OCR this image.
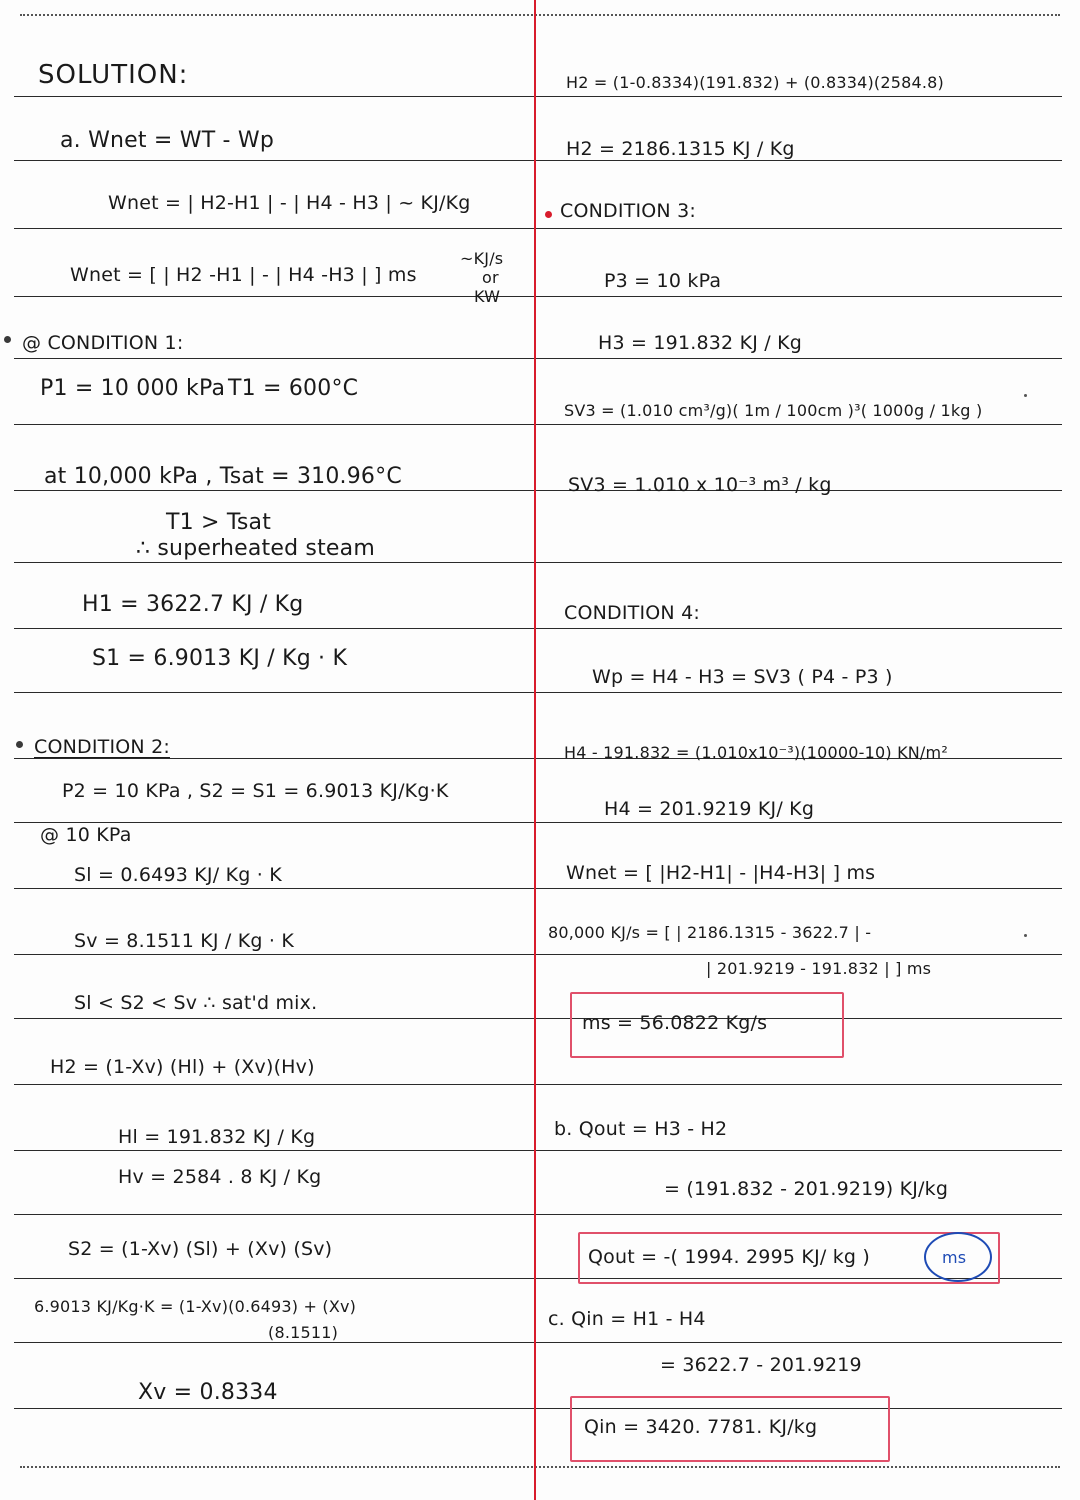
SOLUTION:
a. Wnet = WT - Wp
Wnet = | H2-H1 | - | H4 - H3 | ~ KJ/Kg
Wnet = [ | H2 -H1 | - | H4 -H3 | ] ms
~KJ/s
or
KW
@ CONDITION 1:
P1 = 10 000 kPa T1 = 600°C
at 10,000 kPa , Tsat = 310.96°C
T1 > Tsat
∴ superheated steam
H1 = 3622.7 KJ / Kg
S1 = 6.9013 KJ / Kg · K
CONDITION 2:
P2 = 10 KPa , S2 = S1 = 6.9013 KJ/Kg·K
@ 10 KPa
Sl = 0.6493 KJ/ Kg · K
Sv = 8.1511 KJ / Kg · K
Sl < S2 < Sv ∴ sat'd mix.
H2 = (1-Xv) (Hl) + (Xv)(Hv)
Hl = 191.832 KJ / Kg
Hv = 2584 . 8 KJ / Kg
S2 = (1-Xv) (Sl) + (Xv) (Sv)
6.9013 KJ/Kg·K = (1-Xv)(0.6493) + (Xv)
(8.1511)
Xv = 0.8334
H2 = (1-0.8334)(191.832) + (0.8334)(2584.8)
H2 = 2186.1315 KJ / Kg
CONDITION 3:
P3 = 10 kPa
H3 = 191.832 KJ / Kg
SV3 = (1.010 cm³/g)( 1m / 100cm )³( 1000g / 1kg )
SV3 = 1.010 x 10⁻³ m³ / kg
CONDITION 4:
Wp = H4 - H3 = SV3 ( P4 - P3 )
H4 - 191.832 = (1.010x10⁻³)(10000-10) KN/m²
H4 = 201.9219 KJ/ Kg
Wnet = [ |H2-H1| - |H4-H3| ] ms
80,000 KJ/s = [ | 2186.1315 - 3622.7 | -
| 201.9219 - 191.832 | ] ms
ms = 56.0822 Kg/s
b. Qout = H3 - H2
= (191.832 - 201.9219) KJ/kg
Qout = -( 1994. 2995 KJ/ kg )	ms
c. Qin = H1 - H4
= 3622.7 - 201.9219
Qin = 3420. 7781. KJ/kg
